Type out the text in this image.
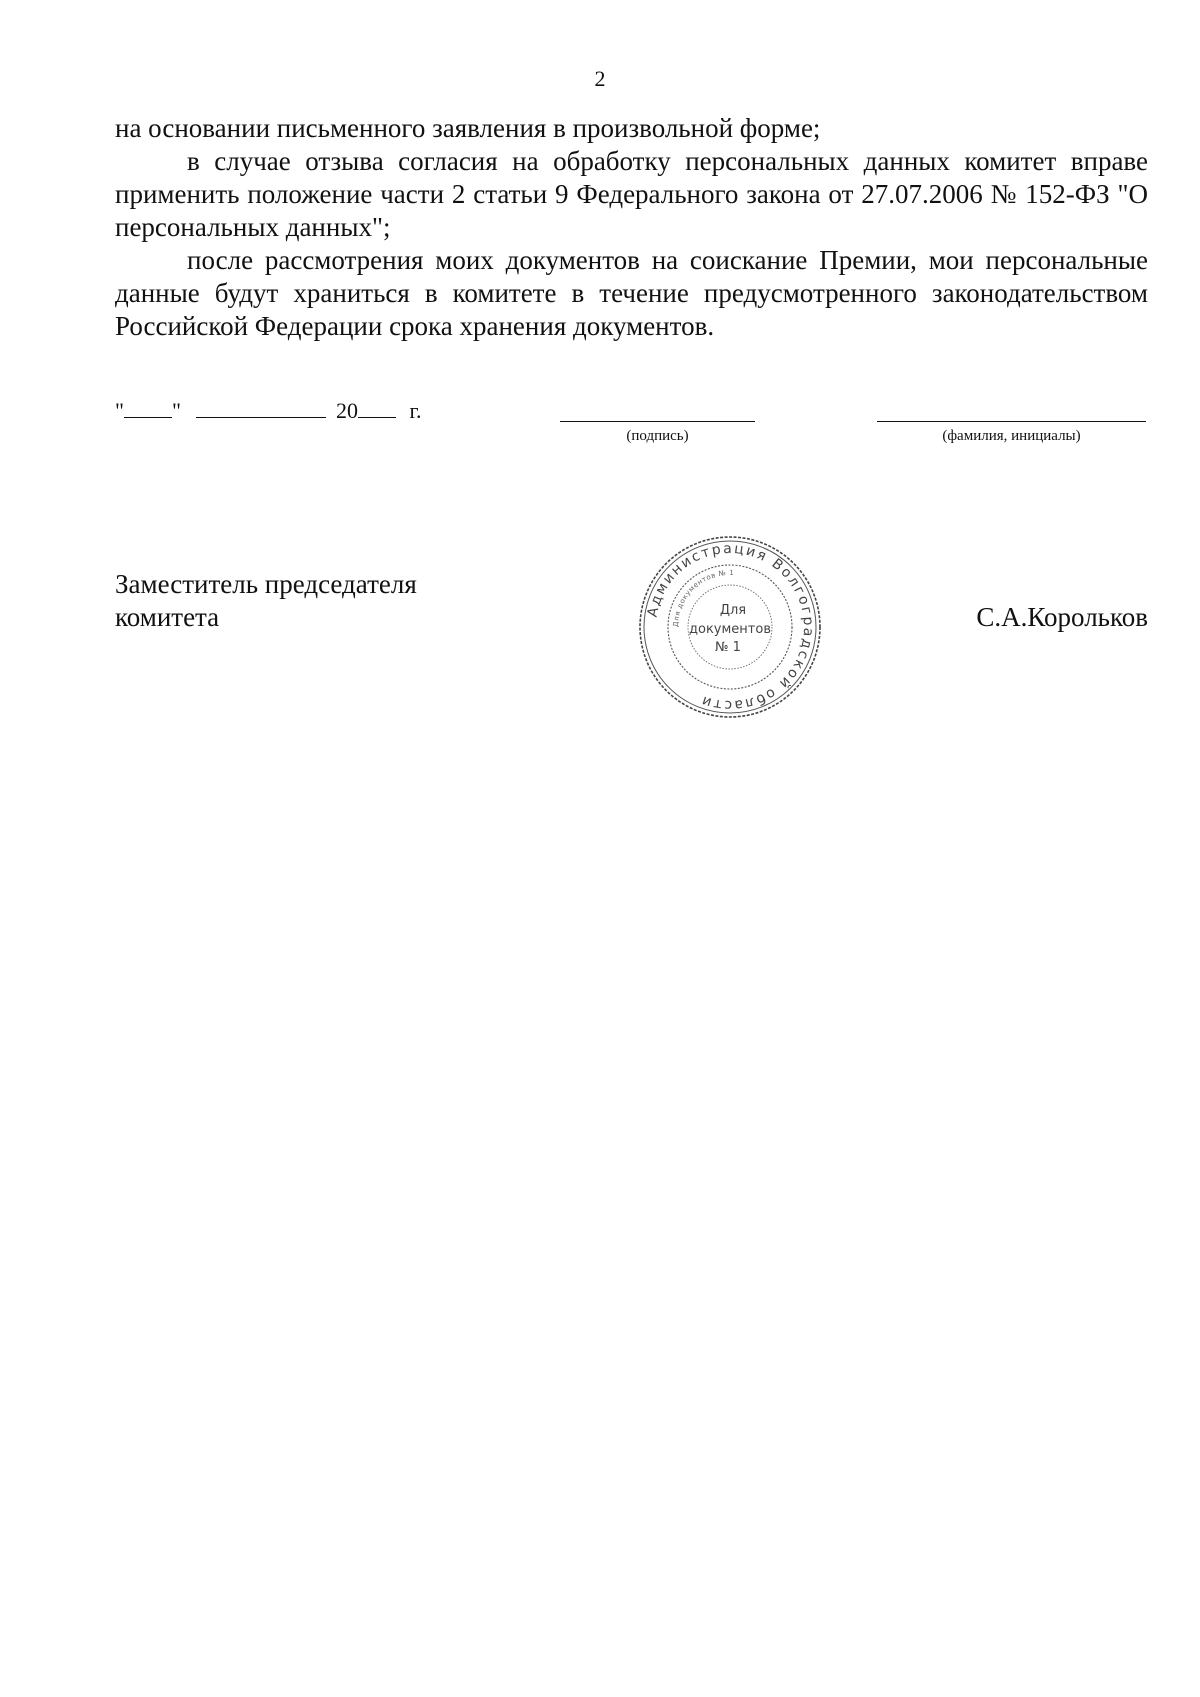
2

на основании письменного заявления в произвольной форме;

в случае отзыва согласия на обработку персональных данных комитет вправе применить положение части 2 статьи 9 Федерального закона от 27.07.2006 № 152-ФЗ "О персональных данных";

после рассмотрения моих документов на соискание Премии, мои персональные данные будут храниться в комитете в течение предусмотренного законодательством Российской Федерации срока хранения документов.

" "	20 г.
(подпись)	(фамилия, инициалы)
Заместитель председателя
комитета	С.А.Корольков
Администрация Волгоградской области
Для документов № 1
Для
документов
№ 1
